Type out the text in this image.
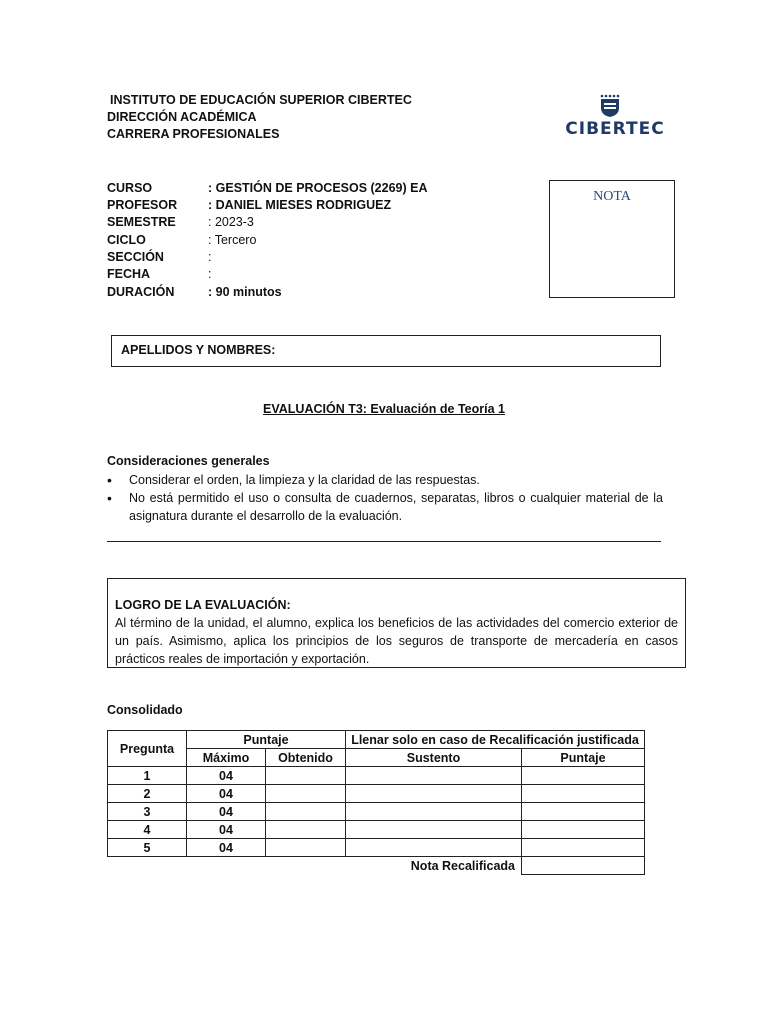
INSTITUTO DE EDUCACIÓN SUPERIOR CIBERTEC
DIRECCIÓN ACADÉMICA
CARRERA PROFESIONALES	CIBERTEC
CURSO	: GESTIÓN DE PROCESOS (2269) EA
PROFESOR	: DANIEL MIESES RODRIGUEZ
SEMESTRE	: 2023-3
CICLO	: Tercero
SECCIÓN	:
FECHA	:
DURACIÓN	: 90 minutos
NOTA
APELLIDOS Y NOMBRES:
EVALUACIÓN T3: Evaluación de Teoría 1
Consideraciones generales
• Considerar el orden, la limpieza y la claridad de las respuestas.
• No está permitido el uso o consulta de cuadernos, separatas, libros o cualquier material de la asignatura durante el desarrollo de la evaluación.
LOGRO DE LA EVALUACIÓN:
Al término de la unidad, el alumno, explica los beneficios de las actividades del comercio exterior de un país. Asimismo, aplica los principios de los seguros de transporte de mercadería en casos prácticos reales de importación y exportación.
Consolidado
Pregunta	Puntaje		Llenar solo en caso de Recalificación justificada	
	Máximo	Obtenido	Sustento	Puntaje
1	04			
2	04			
3	04			
4	04			
5	04			
			Nota Recalificada	
